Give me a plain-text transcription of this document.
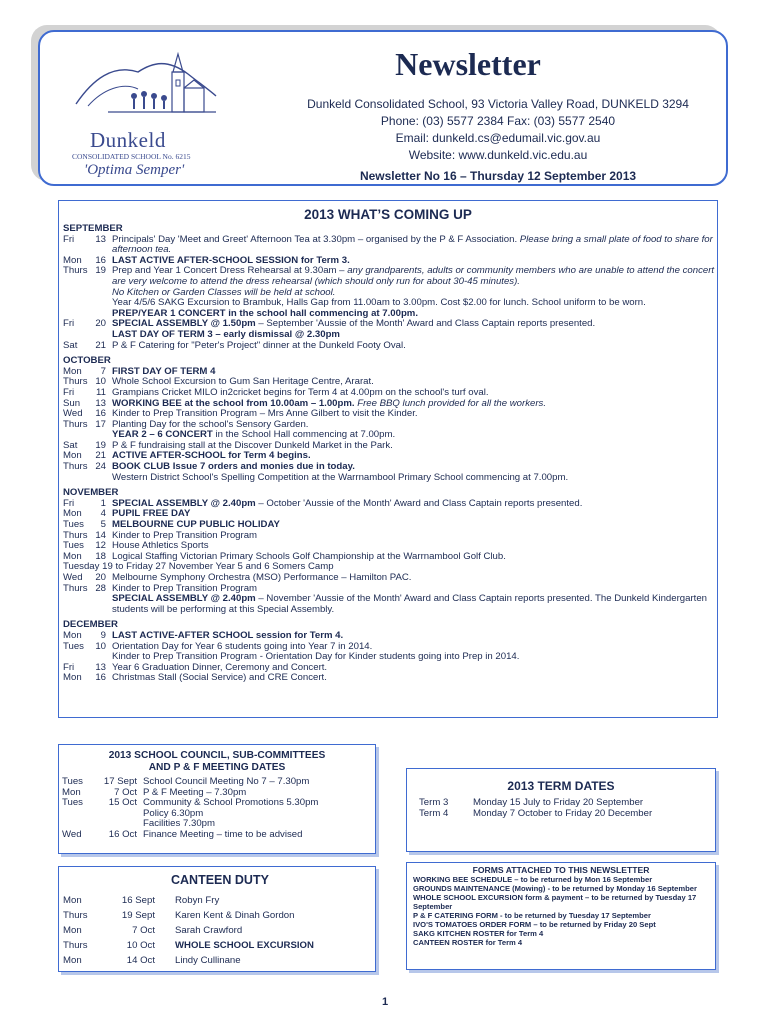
Dunkeld
CONSOLIDATED SCHOOL No. 6215
'Optima Semper'
Newsletter
Dunkeld Consolidated School, 93 Victoria Valley Road, DUNKELD 3294
Phone: (03) 5577 2384 Fax: (03) 5577 2540
Email: dunkeld.cs@edumail.vic.gov.au
Website: www.dunkeld.vic.edu.au
Newsletter No 16 – Thursday 12 September 2013
2013 WHAT’S COMING UP
SEPTEMBER
Fri	13 Principals' Day 'Meet and Greet' Afternoon Tea at 3.30pm – organised by the P & F Association. Please bring a small plate of food to share for afternoon tea.
Mon	16 LAST ACTIVE AFTER-SCHOOL SESSION for Term 3.
Thurs 19 Prep and Year 1 Concert Dress Rehearsal at 9.30am – any grandparents, adults or community members who are unable to attend the concert are very welcome to attend the dress rehearsal (which should only run for about 30-45 minutes).
No Kitchen or Garden Classes will be held at school.
Year 4/5/6 SAKG Excursion to Brambuk, Halls Gap from 11.00am to 3.00pm. Cost $2.00 for lunch. School uniform to be worn.
PREP/YEAR 1 CONCERT in the school hall commencing at 7.00pm.
Fri	20 SPECIAL ASSEMBLY @ 1.50pm – September 'Aussie of the Month' Award and Class Captain reports presented.
LAST DAY OF TERM 3 – early dismissal @ 2.30pm
Sat	21 P & F Catering for "Peter's Project" dinner at the Dunkeld Footy Oval.
OCTOBER
Mon	7 FIRST DAY OF TERM 4
Thurs 10 Whole School Excursion to Gum San Heritage Centre, Ararat.
Fri	11 Grampians Cricket MILO in2cricket begins for Term 4 at 4.00pm on the school's turf oval.
Sun	13 WORKING BEE at the school from 10.00am – 1.00pm. Free BBQ lunch provided for all the workers.
Wed	16 Kinder to Prep Transition Program – Mrs Anne Gilbert to visit the Kinder.
Thurs 17 Planting Day for the school's Sensory Garden.
YEAR 2 – 6 CONCERT in the School Hall commencing at 7.00pm.
Sat	19 P & F fundraising stall at the Discover Dunkeld Market in the Park.
Mon	21 ACTIVE AFTER-SCHOOL for Term 4 begins.
Thurs 24 BOOK CLUB Issue 7 orders and monies due in today.
Western District School's Spelling Competition at the Warrnambool Primary School commencing at 7.00pm.
NOVEMBER
Fri	1 SPECIAL ASSEMBLY @ 2.40pm – October 'Aussie of the Month' Award and Class Captain reports presented.
Mon	4 PUPIL FREE DAY
Tues	5 MELBOURNE CUP PUBLIC HOLIDAY
Thurs 14 Kinder to Prep Transition Program
Tues	12 House Athletics Sports
Mon	18 Logical Staffing Victorian Primary Schools Golf Championship at the Warrnambool Golf Club.
Tuesday 19 to Friday 27 November Year 5 and 6 Somers Camp
Wed	20 Melbourne Symphony Orchestra (MSO) Performance – Hamilton PAC.
Thurs 28 Kinder to Prep Transition Program
SPECIAL ASSEMBLY @ 2.40pm – November 'Aussie of the Month' Award and Class Captain reports presented. The Dunkeld Kindergarten students will be performing at this Special Assembly.
DECEMBER
Mon	9 LAST ACTIVE-AFTER SCHOOL session for Term 4.
Tues	10 Orientation Day for Year 6 students going into Year 7 in 2014.
Kinder to Prep Transition Program - Orientation Day for Kinder students going into Prep in 2014.
Fri	13 Year 6 Graduation Dinner, Ceremony and Concert.
Mon	16 Christmas Stall (Social Service) and CRE Concert.
2013 SCHOOL COUNCIL, SUB-COMMITTEES
AND P & F MEETING DATES
Tues	17 Sept School Council Meeting No 7 – 7.30pm
Mon	7 Oct P & F Meeting – 7.30pm
Tues	15 Oct Community & School Promotions 5.30pm
Policy 6.30pm
Facilities 7.30pm
Wed	16 Oct Finance Meeting – time to be advised
2013 TERM DATES
Term 3	Monday 15 July to Friday 20 September
Term 4	Monday 7 October to Friday 20 December
CANTEEN DUTY
Mon	16 Sept	Robyn Fry
Thurs	19 Sept	Karen Kent & Dinah Gordon
Mon	7 Oct	Sarah Crawford
Thurs	10 Oct	WHOLE SCHOOL EXCURSION
Mon	14 Oct	Lindy Cullinane
FORMS ATTACHED TO THIS NEWSLETTER
WORKING BEE SCHEDULE – to be returned by Mon 16 September
GROUNDS MAINTENANCE (Mowing) - to be returned by Monday 16 September
WHOLE SCHOOL EXCURSION form & payment – to be returned by Tuesday 17 September
P & F CATERING FORM - to be returned by Tuesday 17 September
IVO'S TOMATOES ORDER FORM – to be returned by Friday 20 Sept
SAKG KITCHEN ROSTER for Term 4
CANTEEN ROSTER for Term 4
1
